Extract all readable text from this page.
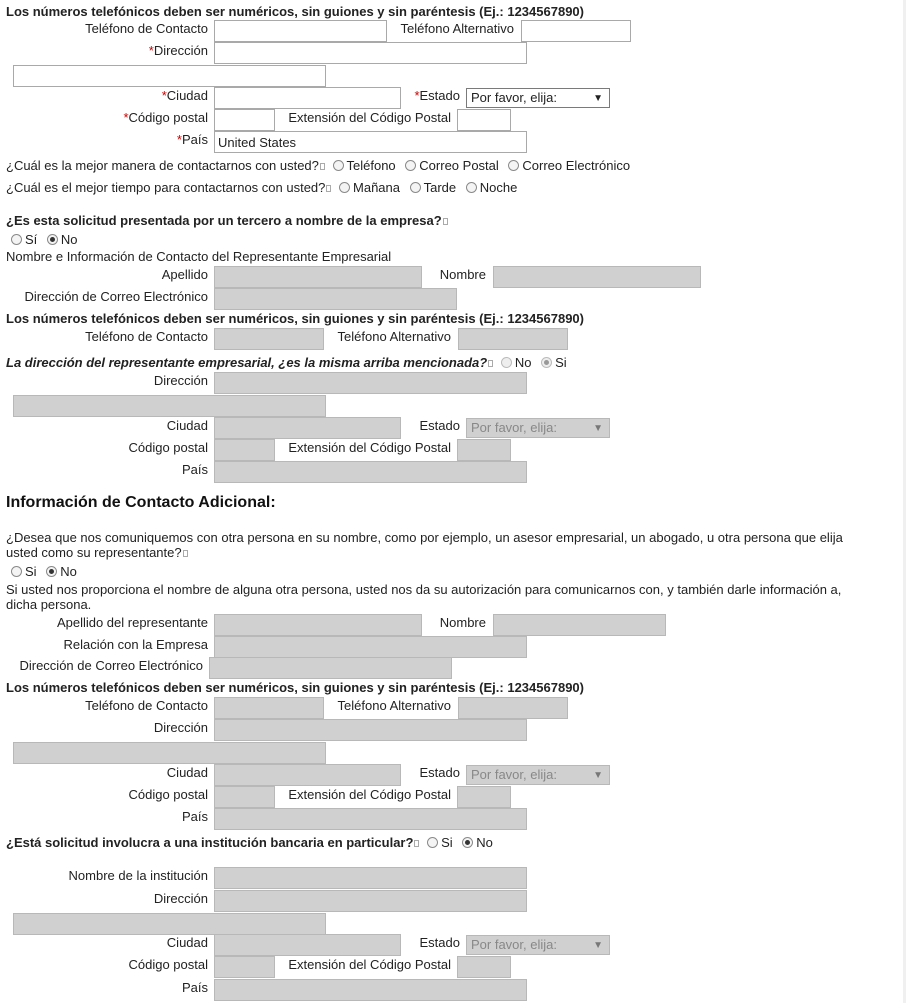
Los números telefónicos deben ser numéricos, sin guiones y sin paréntesis (Ej.: 1234567890)
Teléfono de Contacto	Teléfono Alternativo
*Dirección
*Ciudad	*Estado Por favor, elija:	▼
*Código postal	Extensión del Código Postal
*País
United States
¿Cuál es la mejor manera de contactarnos con usted? Teléfono Correo Postal Correo Electrónico
¿Cuál es el mejor tiempo para contactarnos con usted? Mañana Tarde Noche
¿Es esta solicitud presentada por un tercero a nombre de la empresa?
Sí No
Nombre e Información de Contacto del Representante Empresarial
Apellido	Nombre
Dirección de Correo Electrónico
Los números telefónicos deben ser numéricos, sin guiones y sin paréntesis (Ej.: 1234567890)
Teléfono de Contacto	Teléfono Alternativo
La dirección del representante empresarial, ¿es la misma arriba mencionada? No Si
Dirección
Ciudad	Estado Por favor, elija:	▼
Código postal	Extensión del Código Postal
País
Información de Contacto Adicional:
¿Desea que nos comuniquemos con otra persona en su nombre, como por ejemplo, un asesor empresarial, un abogado, u otra persona que elija usted como su representante?
Si No
Si usted nos proporciona el nombre de alguna otra persona, usted nos da su autorización para comunicarnos con, y también darle información a, dicha persona.
Apellido del representante	Nombre
Relación con la Empresa
Dirección de Correo Electrónico
Los números telefónicos deben ser numéricos, sin guiones y sin paréntesis (Ej.: 1234567890)
Teléfono de Contacto	Teléfono Alternativo
Dirección
Ciudad	Estado Por favor, elija:	▼
Código postal	Extensión del Código Postal
País
¿Está solicitud involucra a una institución bancaria en particular? Si No
Nombre de la institución
Dirección
Ciudad	Estado Por favor, elija:	▼
Código postal	Extensión del Código Postal
País
